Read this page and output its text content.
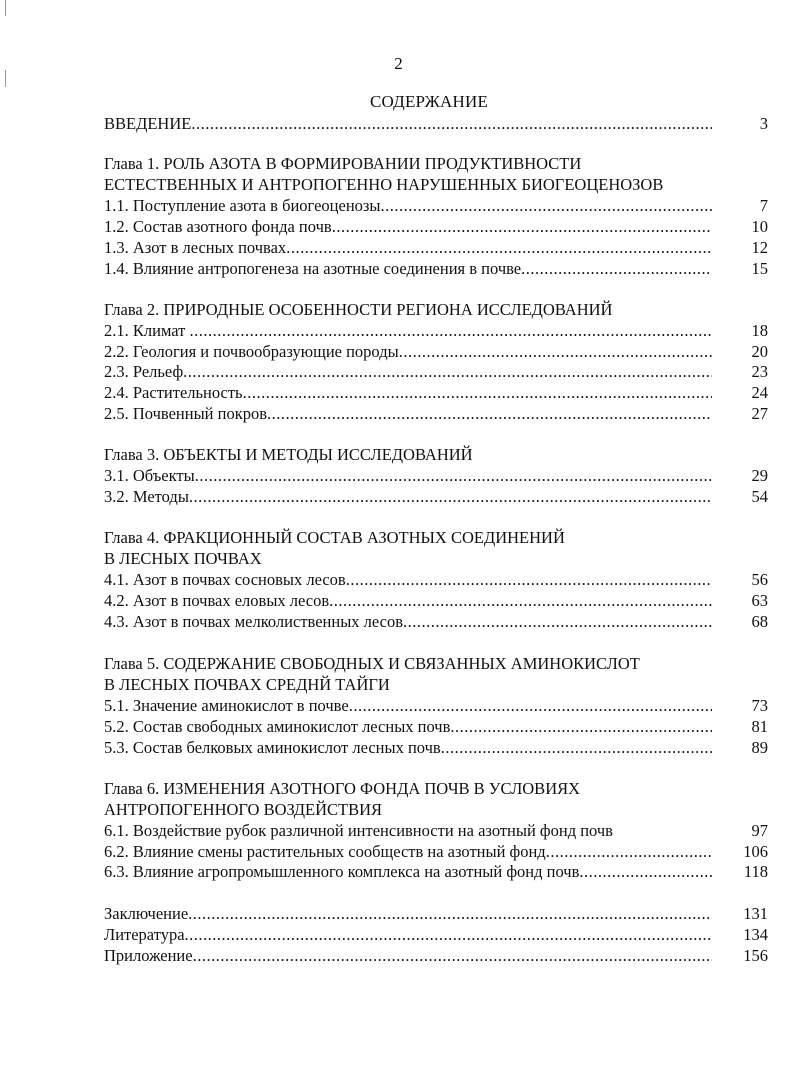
2
СОДЕРЖАНИЕ
ВВЕДЕНИЕ .....	3
Глава 1. РОЛЬ АЗОТА В ФОРМИРОВАНИИ ПРОДУКТИВНОСТИ
ЕСТЕСТВЕННЫХ И АНТРОПОГЕННО НАРУШЕННЫХ БИОГЕОЦЕНОЗОВ
1.1. Поступление азота в биогеоценозы .....	7
1.2. Состав азотного фонда почв .....	10
1.3. Азот в лесных почвах .....	12
1.4. Влияние антропогенеза на азотные соединения в почве .....	15
Глава 2. ПРИРОДНЫЕ ОСОБЕННОСТИ РЕГИОНА ИССЛЕДОВАНИЙ
2.1. Климат .....	18
2.2. Геология и почвообразующие породы .....	20
2.3. Рельеф .....	23
2.4. Растительность .....	24
2.5. Почвенный покров .....	27
Глава 3. ОБЪЕКТЫ И МЕТОДЫ ИССЛЕДОВАНИЙ
3.1. Объекты .....	29
3.2. Методы .....	54
Глава 4. ФРАКЦИОННЫЙ СОСТАВ АЗОТНЫХ СОЕДИНЕНИЙ
В ЛЕСНЫХ ПОЧВАХ
4.1. Азот в почвах сосновых лесов .....	56
4.2. Азот в почвах еловых лесов .....	63
4.3. Азот в почвах мелколиственных лесов .....	68
Глава 5. СОДЕРЖАНИЕ СВОБОДНЫХ И СВЯЗАННЫХ АМИНОКИСЛОТ
В ЛЕСНЫХ ПОЧВАХ СРЕДНЙ ТАЙГИ
5.1. Значение аминокислот в почве .....	73
5.2. Состав свободных аминокислот лесных почв .....	81
5.3. Состав белковых аминокислот лесных почв .....	89
Глава 6. ИЗМЕНЕНИЯ АЗОТНОГО ФОНДА ПОЧВ В УСЛОВИЯХ
АНТРОПОГЕННОГО ВОЗДЕЙСТВИЯ
6.1. Воздействие рубок различной интенсивности на азотный фонд почв	97
6.2. Влияние смены растительных сообществ на азотный фонд .....	106
6.3. Влияние агропромышленного комплекса на азотный фонд почв .....	118
Заключение .....	131
Литература .....	134
Приложение .....	156
